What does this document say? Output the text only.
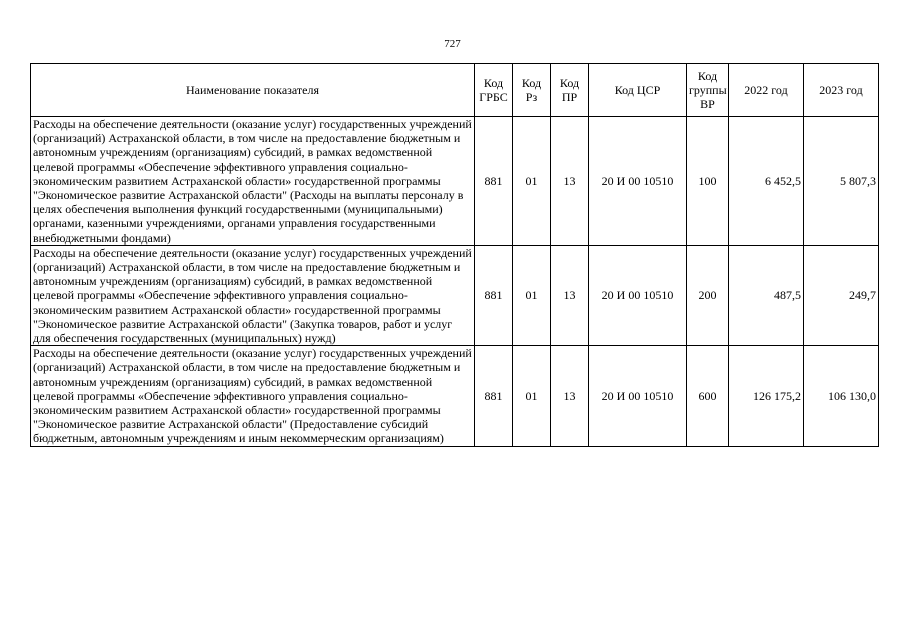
727
Наименование показателя	Код ГРБС	Код Рз	Код ПР	Код ЦСР	Код группы ВР	2022 год	2023 год
Расходы на обеспечение деятельности (оказание услуг) государственных учреждений (организаций) Астраханской области, в том числе на предоставление бюджетным и автономным учреждениям (организациям) субсидий, в рамках ведомственной целевой программы «Обеспечение эффективного управления социально-экономическим развитием Астраханской области» государственной программы "Экономическое развитие Астраханской области" (Расходы на выплаты персоналу в целях обеспечения выполнения функций государственными (муниципальными) органами, казенными учреждениями, органами управления государственными внебюджетными фондами)	881	01	13	20 И 00 10510	100	6 452,5	5 807,3
Расходы на обеспечение деятельности (оказание услуг) государственных учреждений (организаций) Астраханской области, в том числе на предоставление бюджетным и автономным учреждениям (организациям) субсидий, в рамках ведомственной целевой программы «Обеспечение эффективного управления социально-экономическим развитием Астраханской области» государственной программы "Экономическое развитие Астраханской области" (Закупка товаров, работ и услуг для обеспечения государственных (муниципальных) нужд)	881	01	13	20 И 00 10510	200	487,5	249,7
Расходы на обеспечение деятельности (оказание услуг) государственных учреждений (организаций) Астраханской области, в том числе на предоставление бюджетным и автономным учреждениям (организациям) субсидий, в рамках ведомственной целевой программы «Обеспечение эффективного управления социально-экономическим развитием Астраханской области» государственной программы "Экономическое развитие Астраханской области" (Предоставление субсидий бюджетным, автономным учреждениям и иным некоммерческим организациям)	881	01	13	20 И 00 10510	600	126 175,2	106 130,0
